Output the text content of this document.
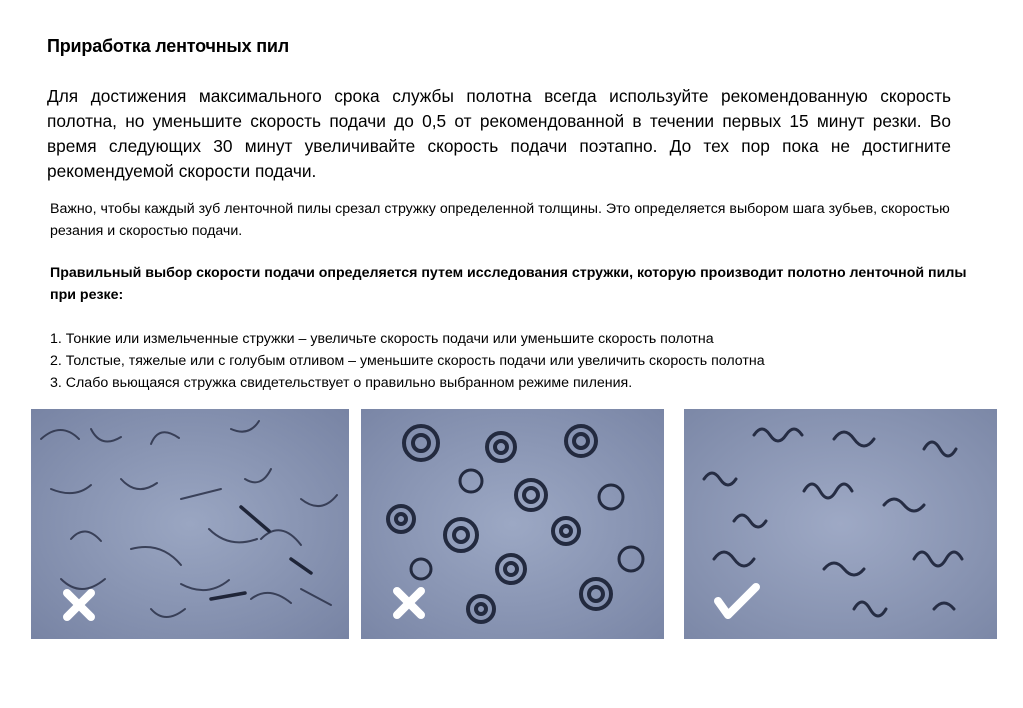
Приработка ленточных пил
Для достижения максимального срока службы полотна всегда используйте рекомендованную скорость полотна, но уменьшите скорость подачи до 0,5 от рекомендованной в течении первых 15 минут резки. Во время следующих 30 минут увеличивайте скорость подачи поэтапно. До тех пор пока не достигните рекомендуемой скорости подачи.
Важно, чтобы каждый зуб ленточной пилы срезал стружку определенной толщины. Это определяется выбором шага зубьев, скоростью резания и скоростью подачи.
Правильный выбор скорости подачи определяется путем исследования стружки, которую производит полотно ленточной пилы при резке:
1. Тонкие или измельченные стружки – увеличьте скорость подачи или уменьшите скорость полотна
2. Толстые, тяжелые или с голубым отливом – уменьшите скорость подачи или увеличить скорость полотна
3. Слабо вьющаяся стружка свидетельствует о правильно выбранном режиме пиления.
